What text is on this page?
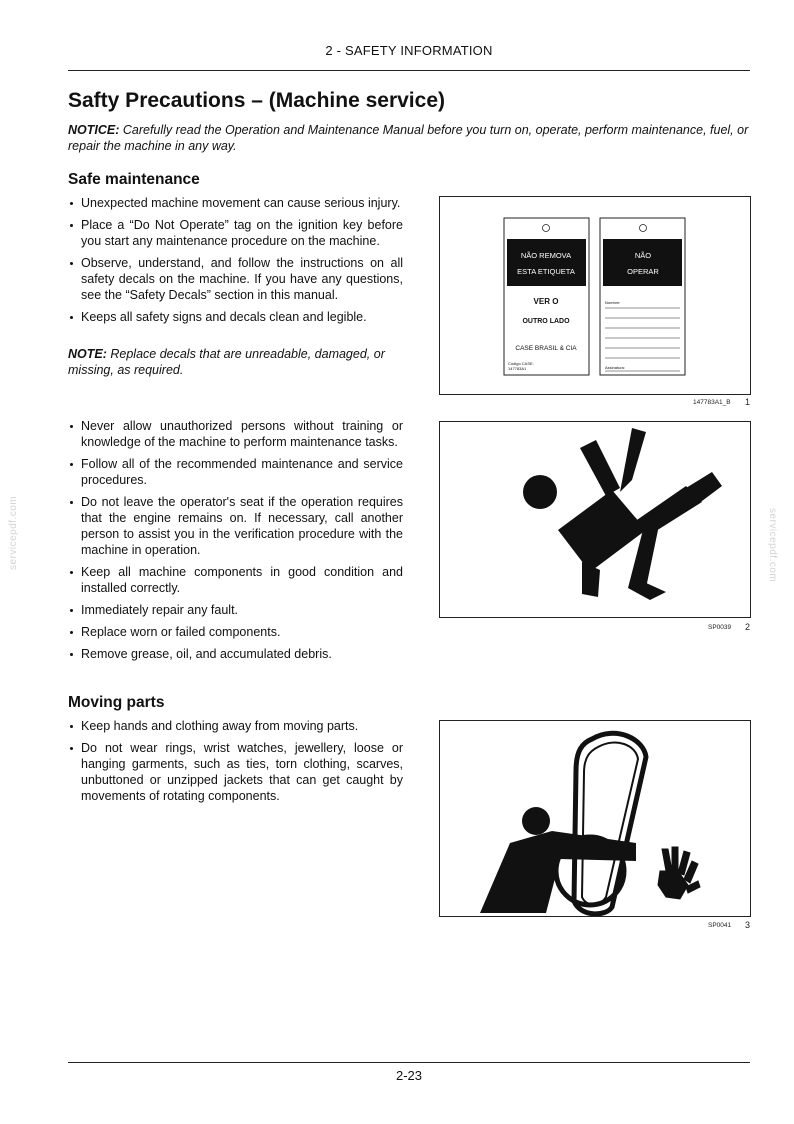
2 - SAFETY INFORMATION
Safty Precautions – (Machine service)
NOTICE: Carefully read the Operation and Maintenance Manual before you turn on, operate, perform maintenance, fuel, or repair the machine in any way.
Safe maintenance
Unexpected machine movement can cause serious injury.
Place a “Do Not Operate” tag on the ignition key before you start any maintenance procedure on the machine.
Observe, understand, and follow the instructions on all safety decals on the machine. If you have any questions, see the “Safety Decals” section in this manual.
Keeps all safety signs and decals clean and legible.
NOTE: Replace decals that are unreadable, damaged, or missing, as required.
Never allow unauthorized persons without training or knowledge of the machine to perform maintenance tasks.
Follow all of the recommended maintenance and service procedures.
Do not leave the operator's seat if the operation requires that the engine remains on. If necessary, call another person to assist you in the verification procedure with the machine in operation.
Keep all machine components in good condition and installed correctly.
Immediately repair any fault.
Replace worn or failed components.
Remove grease, oil, and accumulated debris.
Moving parts
Keep hands and clothing away from moving parts.
Do not wear rings, wrist watches, jewellery, loose or hanging garments, such as ties, torn clothing, scarves, unbuttoned or unzipped jackets that can get caught by movements of rotating components.
NÃO REMOVA
ESTA ETIQUETA
VER O
OUTRO LADO
CASE BRASIL & CIA
Código CASE:
147783A1
NÃO
OPERAR
Nombre:
Assinatura:
147783A1_B 1
SP0039 2
SP0041 3
servicepdf.com	servicepdf.com
2-23
